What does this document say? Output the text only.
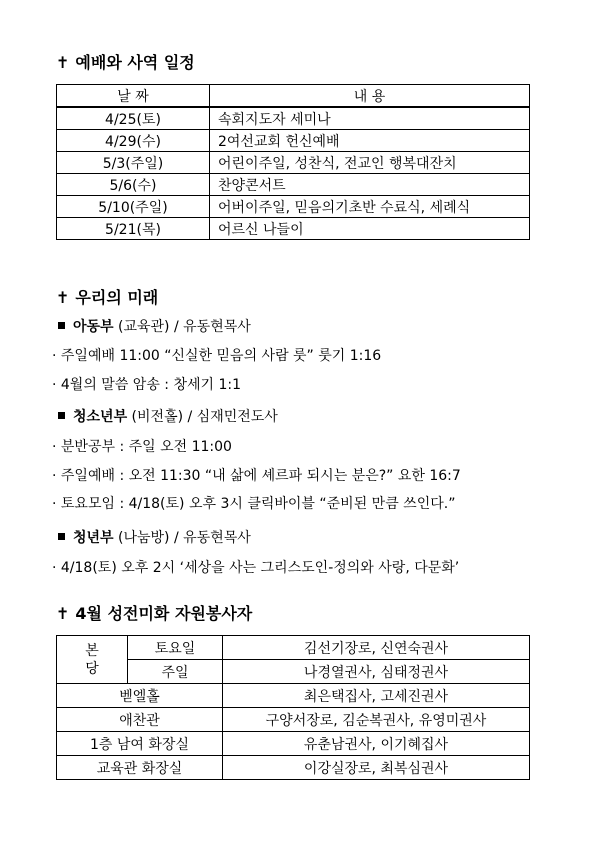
✝ 예배와 사역 일정
날 짜	내 용
4/25(토)	속회지도자 세미나
4/29(수)	2여선교회 헌신예배
5/3(주일)	어린이주일, 성찬식, 전교인 행복대잔치
5/6(수)	찬양콘서트
5/10(주일)	어버이주일, 믿음의기초반 수료식, 세례식
5/21(목)	어르신 나들이
✝ 우리의 미래
아동부 (교육관) / 유동현목사
· 주일예배 11:00 “신실한 믿음의 사람 룻” 룻기 1:16
· 4월의 말씀 암송 : 창세기 1:1
청소년부 (비전홀) / 심재민전도사
· 분반공부 : 주일 오전 11:00
· 주일예배 : 오전 11:30 “내 삶에 셰르파 되시는 분은?” 요한 16:7
· 토요모임 : 4/18(토) 오후 3시 클릭바이블 “준비된 만큼 쓰인다.”
청년부 (나눔방) / 유동현목사
· 4/18(토) 오후 2시 ‘세상을 사는 그리스도인-정의와 사랑, 다문화’
✝ 4월 성전미화 자원봉사자
본
당	토요일	김선기장로, 신연숙권사
	주일	나경열권사, 심태정권사
벧엘홀		최은택집사, 고세진권사
애찬관		구양서장로, 김순복권사, 유영미권사
1층 남여 화장실		유춘남권사, 이기혜집사
교육관 화장실		이강실장로, 최복심권사
